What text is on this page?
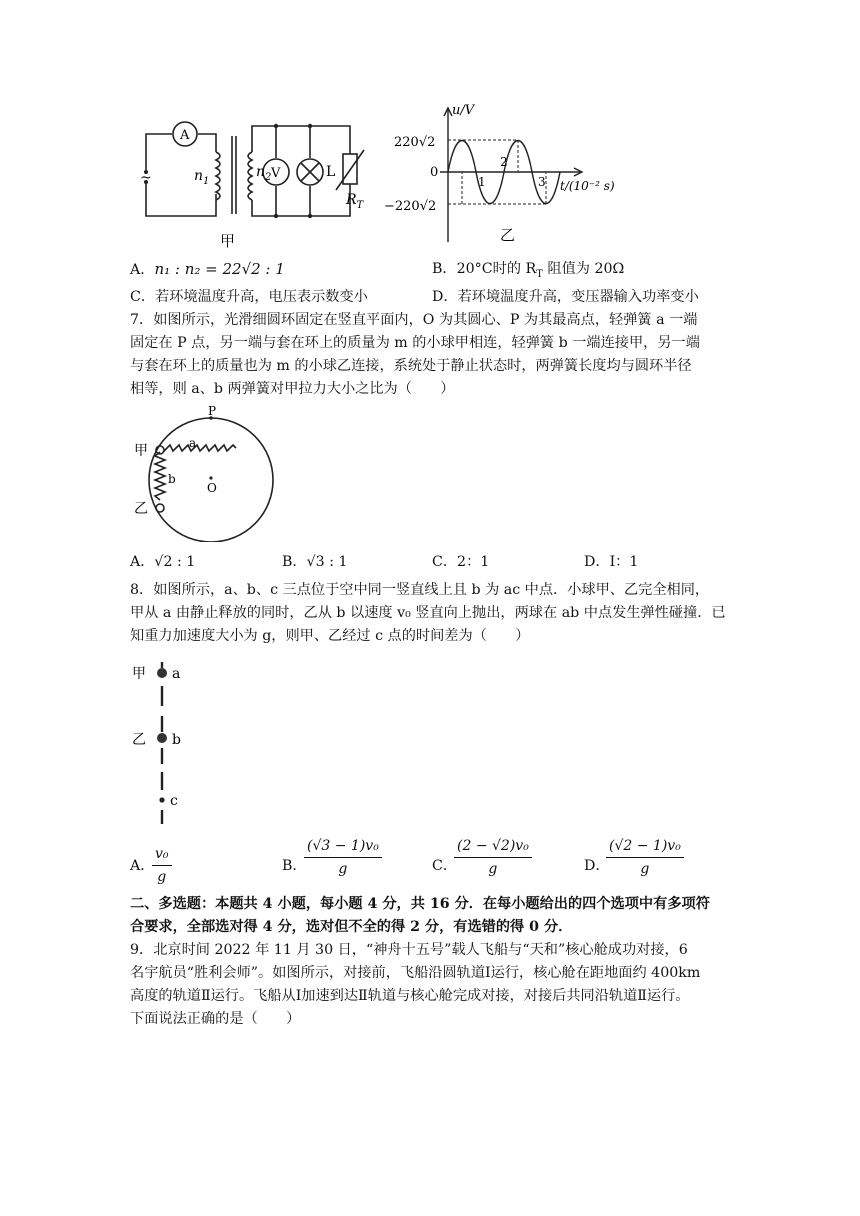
~
A
V	L
$n_1$
$n_2$
$R_T$
甲
u/V
220√2
0
−220√2
1
2
3 t/(10⁻² s)
乙
A．n₁ : n₂ = 22√2 : 1	B．20°C时的 $R_T$ 阻值为 20Ω
C．若环境温度升高，电压表示数变小	D．若环境温度升高，变压器输入功率变小
7．如图所示，光滑细圆环固定在竖直平面内，O 为其圆心、P 为其最高点，轻弹簧 a 一端
固定在 P 点，另一端与套在环上的质量为 m 的小球甲相连，轻弹簧 b 一端连接甲，另一端
与套在环上的质量也为 m 的小球乙连接，系统处于静止状态时，两弹簧长度均与圆环半径
相等，则 a、b 两弹簧对甲拉力大小之比为（　　）
P
a
b
O
甲
乙
A．√2 : 1	B．√3 : 1	C．2：1	D．I：1
8．如图所示，a、b、c 三点位于空中同一竖直线上且 b 为 ac 中点．小球甲、乙完全相同，
甲从 a 由静止释放的同时，乙从 b 以速度 v₀ 竖直向上抛出，两球在 ab 中点发生弹性碰撞．已
知重力加速度大小为 g，则甲、乙经过 c 点的时间差为（　　）
甲 a
乙 b
c
A．
$\frac{\text{v₀}}{g}$	B．
$\frac{\text{(√3 − 1)v₀}}{g}$	C．
$\frac{\text{(2 − √2)v₀}}{g}$	D．
$\frac{\text{(√2 − 1)v₀}}{g}$
二、多选题：本题共 4 小题，每小题 4 分，共 16 分．在每小题给出的四个选项中有多项符
合要求，全部选对得 4 分，选对但不全的得 2 分，有选错的得 0 分．
9．北京时间 2022 年 11 月 30 日，“神舟十五号”载人飞船与“天和”核心舱成功对接，6
名宇航员“胜利会师”。如图所示，对接前，飞船沿圆轨道Ⅰ运行，核心舱在距地面约 400km
高度的轨道Ⅱ运行。飞船从Ⅰ加速到达Ⅱ轨道与核心舱完成对接，对接后共同沿轨道Ⅱ运行。
下面说法正确的是（　　）
